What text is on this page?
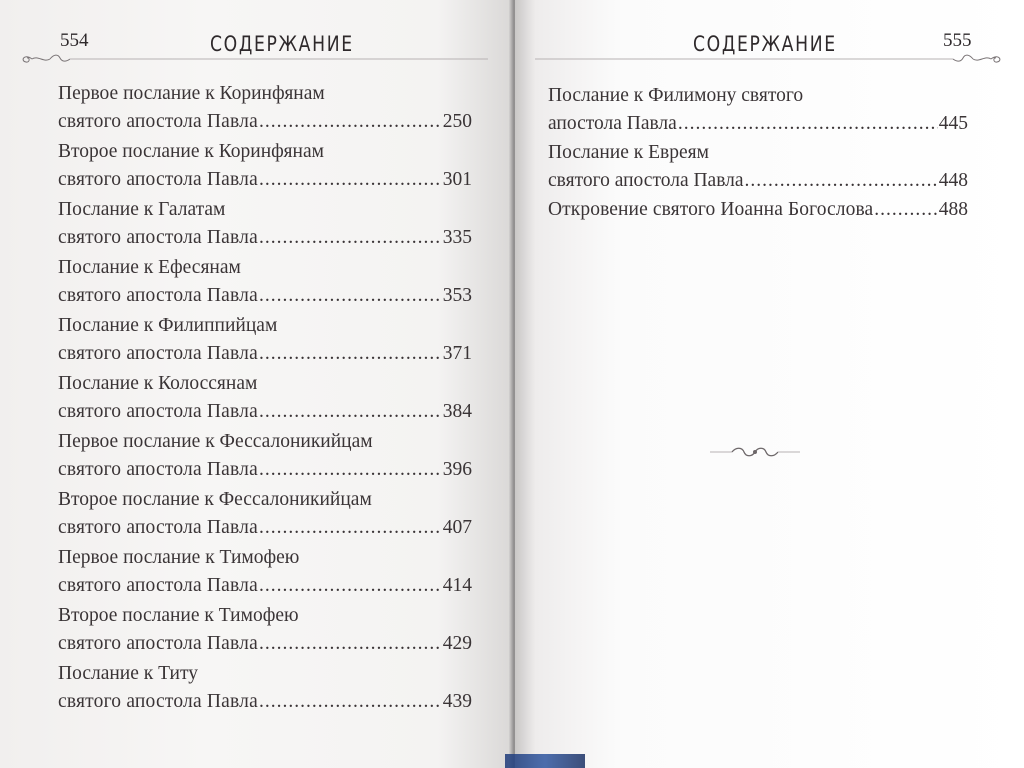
554	СОДЕРЖАНИЕ
Первое послание к Коринфянам
святого апостола Павла .....	250
Второе послание к Коринфянам
святого апостола Павла .....	301
Послание к Галатам
святого апостола Павла .....	335
Послание к Ефесянам
святого апостола Павла .....	353
Послание к Филиппийцам
святого апостола Павла .....	371
Послание к Колоссянам
святого апостола Павла .....	384
Первое послание к Фессалоникийцам
святого апостола Павла .....	396
Второе послание к Фессалоникийцам
святого апостола Павла .....	407
Первое послание к Тимофею
святого апостола Павла .....	414
Второе послание к Тимофею
святого апостола Павла .....	429
Послание к Титу
святого апостола Павла .....	439
СОДЕРЖАНИЕ	555
Послание к Филимону святого
апостола Павла .....	445
Послание к Евреям
святого апостола Павла .....	448
Откровение святого Иоанна Богослова .....	488
